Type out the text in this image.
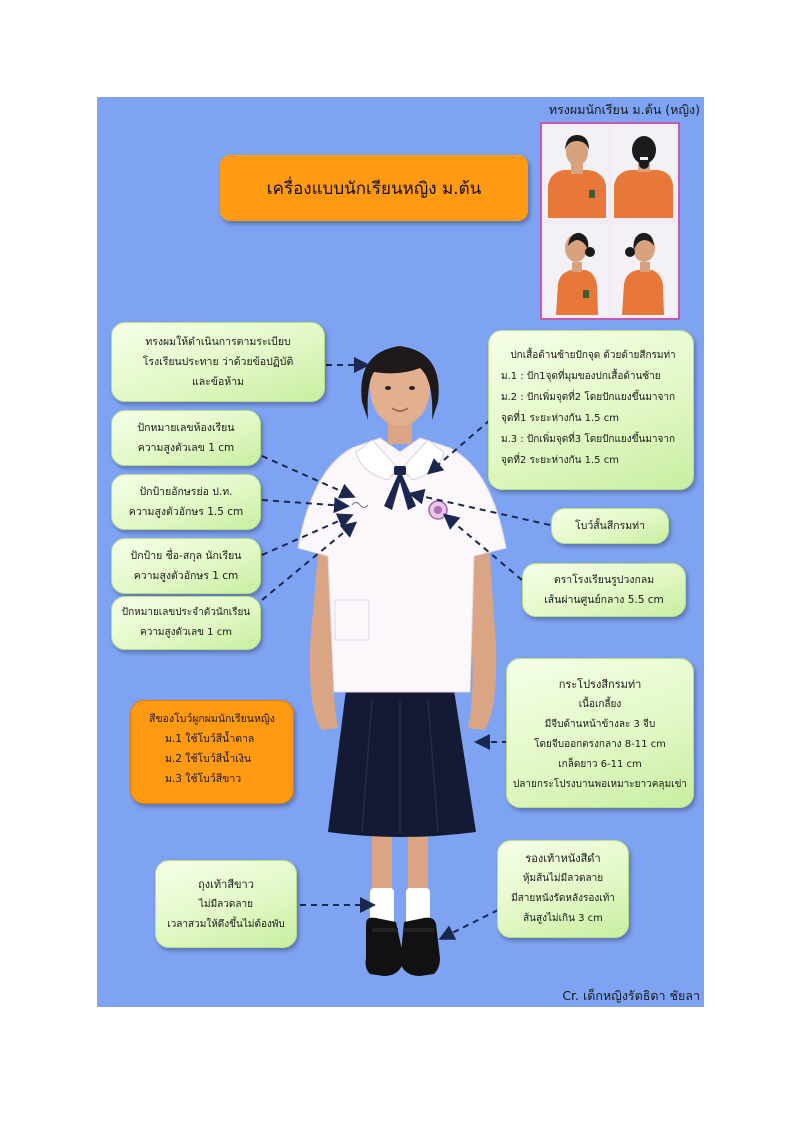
เครื่องแบบนักเรียนหญิง ม.ต้น
ทรงผมนักเรียน ม.ต้น (หญิง)

ทรงผมให้ดำเนินการตามระเบียบ

โรงเรียนประทาย ว่าด้วยข้อปฏิบัติ

และข้อห้าม

ปักหมายเลขห้องเรียน

ความสูงตัวเลข 1 cm

ปักป้ายอักษรย่อ ป.ท.

ความสูงตัวอักษร 1.5 cm

ปักป้าย ชื่อ-สกุล นักเรียน

ความสูงตัวอักษร 1 cm

ปักหมายเลขประจำตัวนักเรียน

ความสูงตัวเลข 1 cm

ปกเสื้อด้านซ้ายปักจุด ด้วยด้ายสีกรมท่า

ม.1 : ปัก1จุดที่มุมของปกเสื้อด้านซ้าย

ม.2 : ปักเพิ่มจุดที่2 โดยปักแยงขึ้นมาจาก

จุดที่1 ระยะห่างกัน 1.5 cm

ม.3 : ปักเพิ่มจุดที่3 โดยปักแยงขึ้นมาจาก

จุดที่2 ระยะห่างกัน 1.5 cm

โบว์สั้นสีกรมท่า

ตราโรงเรียนรูปวงกลม

เส้นผ่านศูนย์กลาง 5.5 cm

สีของโบว์ผูกผมนักเรียนหญิง

ม.1 ใช้โบว์สีน้ำตาล

ม.2 ใช้โบว์สีน้ำเงิน

ม.3 ใช้โบว์สีขาว

กระโปรงสีกรมท่า

เนื้อเกลี้ยง

มีจีบด้านหน้าข้างละ 3 จีบ

โดยจีบออกตรงกลาง 8-11 cm

เกล็ดยาว 6-11 cm

ปลายกระโปรงบานพอเหมาะยาวคลุมเข่า

ถุงเท้าสีขาว

ไม่มีลวดลาย

เวลาสวมให้ดึงขึ้นไม่ต้องพับ

รองเท้าหนังสีดำ

หุ้มส้นไม่มีลวดลาย

มีสายหนังรัดหลังรองเท้า

ส้นสูงไม่เกิน 3 cm

Cr. เด็กหญิงรัตธิดา ชัยลา
